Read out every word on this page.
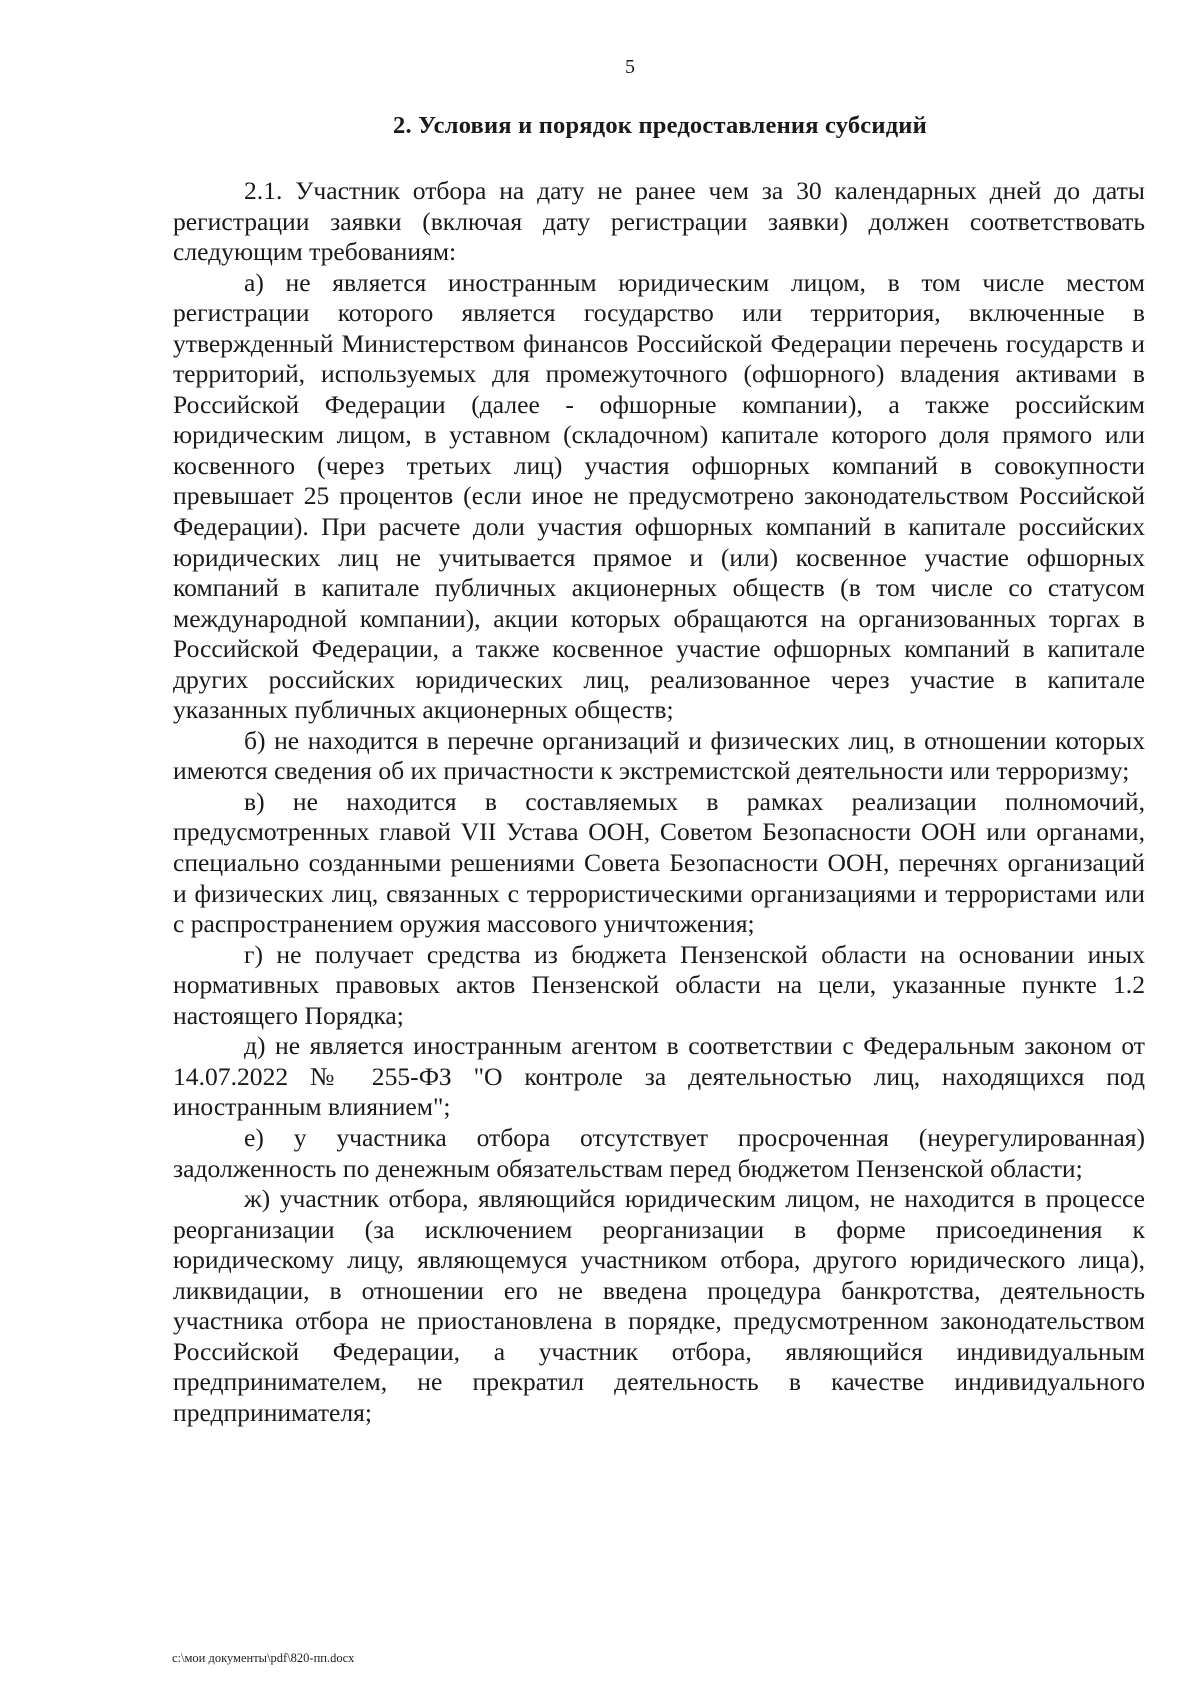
5
2. Условия и порядок предоставления субсидий

2.1. Участник отбора на дату не ранее чем за 30 календарных дней до даты регистрации заявки (включая дату регистрации заявки) должен соответствовать следующим требованиям:

а) не является иностранным юридическим лицом, в том числе местом регистрации которого является государство или территория, включенные в утвержденный Министерством финансов Российской Федерации перечень государств и территорий, используемых для промежуточного (офшорного) владения активами в Российской Федерации (далее - офшорные компании), а также российским юридическим лицом, в уставном (складочном) капитале которого доля прямого или косвенного (через третьих лиц) участия офшорных компаний в совокупности превышает 25 процентов (если иное не предусмотрено законодательством Российской Федерации). При расчете доли участия офшорных компаний в капитале российских юридических лиц не учитывается прямое и (или) косвенное участие офшорных компаний в капитале публичных акционерных обществ (в том числе со статусом международной компании), акции которых обращаются на организованных торгах в Российской Федерации, а также косвенное участие офшорных компаний в капитале других российских юридических лиц, реализованное через участие в капитале указанных публичных акционерных обществ;

б) не находится в перечне организаций и физических лиц, в отношении которых имеются сведения об их причастности к экстремистской деятельности или терроризму;

в) не находится в составляемых в рамках реализации полномочий, предусмотренных главой VII Устава ООН, Советом Безопасности ООН или органами, специально созданными решениями Совета Безопасности ООН, перечнях организаций и физических лиц, связанных с террористическими организациями и террористами или с распространением оружия массового уничтожения;

г) не получает средства из бюджета Пензенской области на основании иных нормативных правовых актов Пензенской области на цели, указанные пункте 1.2 настоящего Порядка;

д) не является иностранным агентом в соответствии с Федеральным законом от 14.07.2022 № 255-ФЗ "О контроле за деятельностью лиц, находящихся под иностранным влиянием";

е) у участника отбора отсутствует просроченная (неурегулированная) задолженность по денежным обязательствам перед бюджетом Пензенской области;

ж) участник отбора, являющийся юридическим лицом, не находится в процессе реорганизации (за исключением реорганизации в форме присоединения к юридическому лицу, являющемуся участником отбора, другого юридического лица), ликвидации, в отношении его не введена процедура банкротства, деятельность участника отбора не приостановлена в порядке, предусмотренном законодательством Российской Федерации, а участник отбора, являющийся индивидуальным предпринимателем, не прекратил деятельность в качестве индивидуального предпринимателя;

c:\мои документы\pdf\820-пп.docx
